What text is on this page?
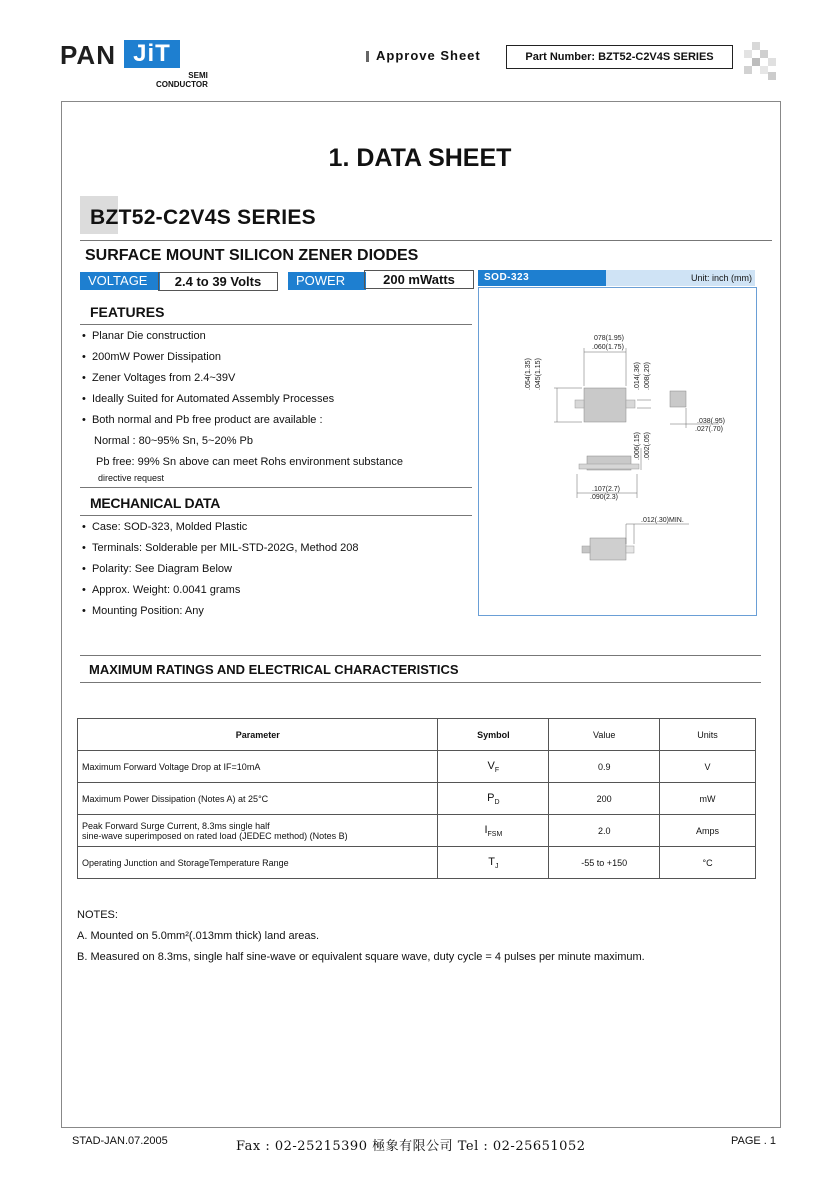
PAN JiT
SEMI
CONDUCTOR
Approve Sheet	Part Number: BZT52-C2V4S SERIES
1. DATA SHEET
BZT52-C2V4S SERIES
SURFACE MOUNT SILICON ZENER DIODES
VOLTAGE	2.4 to 39 Volts	POWER	200 mWatts
FEATURES
•  Planar Die construction
•  200mW Power Dissipation
•  Zener Voltages from 2.4~39V
•  Ideally Suited for Automated Assembly Processes
•  Both normal and Pb free product are available :
Normal : 80~95% Sn, 5~20% Pb
Pb free: 99% Sn above can meet Rohs environment substance
directive request
MECHANICAL DATA
•  Case: SOD-323, Molded Plastic
•  Terminals: Solderable per MIL-STD-202G, Method 208
•  Polarity: See Diagram Below
•  Approx. Weight: 0.0041 grams
•  Mounting Position: Any
SOD-323	Unit: inch (mm)
078(1.95)
.060(1.75)
.054(1.35) .045(1.15)	.014(.36) .008(.20)
.038(.95)
.027(.70)
.006(.15) .002(.05)
.107(2.7)
.090(2.3)
.012(.30)MIN.
MAXIMUM RATINGS AND ELECTRICAL CHARACTERISTICS
Parameter	Symbol	Value	Units
Maximum Forward Voltage Drop at IF=10mA	$V_F$	0.9	V
Maximum Power Dissipation (Notes A) at 25°C	$P_D$	200	mW

Peak Forward Surge Current, 8.3ms single half
sine-wave superimposed on rated load (JEDEC method) (Notes B)	$I_{FSM}$	2.0	Amps
Operating Junction and StorageTemperature Range	$T_J$	-55 to +150	°C
NOTES:
A. Mounted on 5.0mm²(.013mm thick) land areas.
B. Measured on 8.3ms, single half sine-wave or equivalent square wave, duty cycle = 4 pulses per minute maximum.
STAD-JAN.07.2005	Fax : 02-25215390 極象有限公司 Tel : 02-25651052	PAGE . 1
